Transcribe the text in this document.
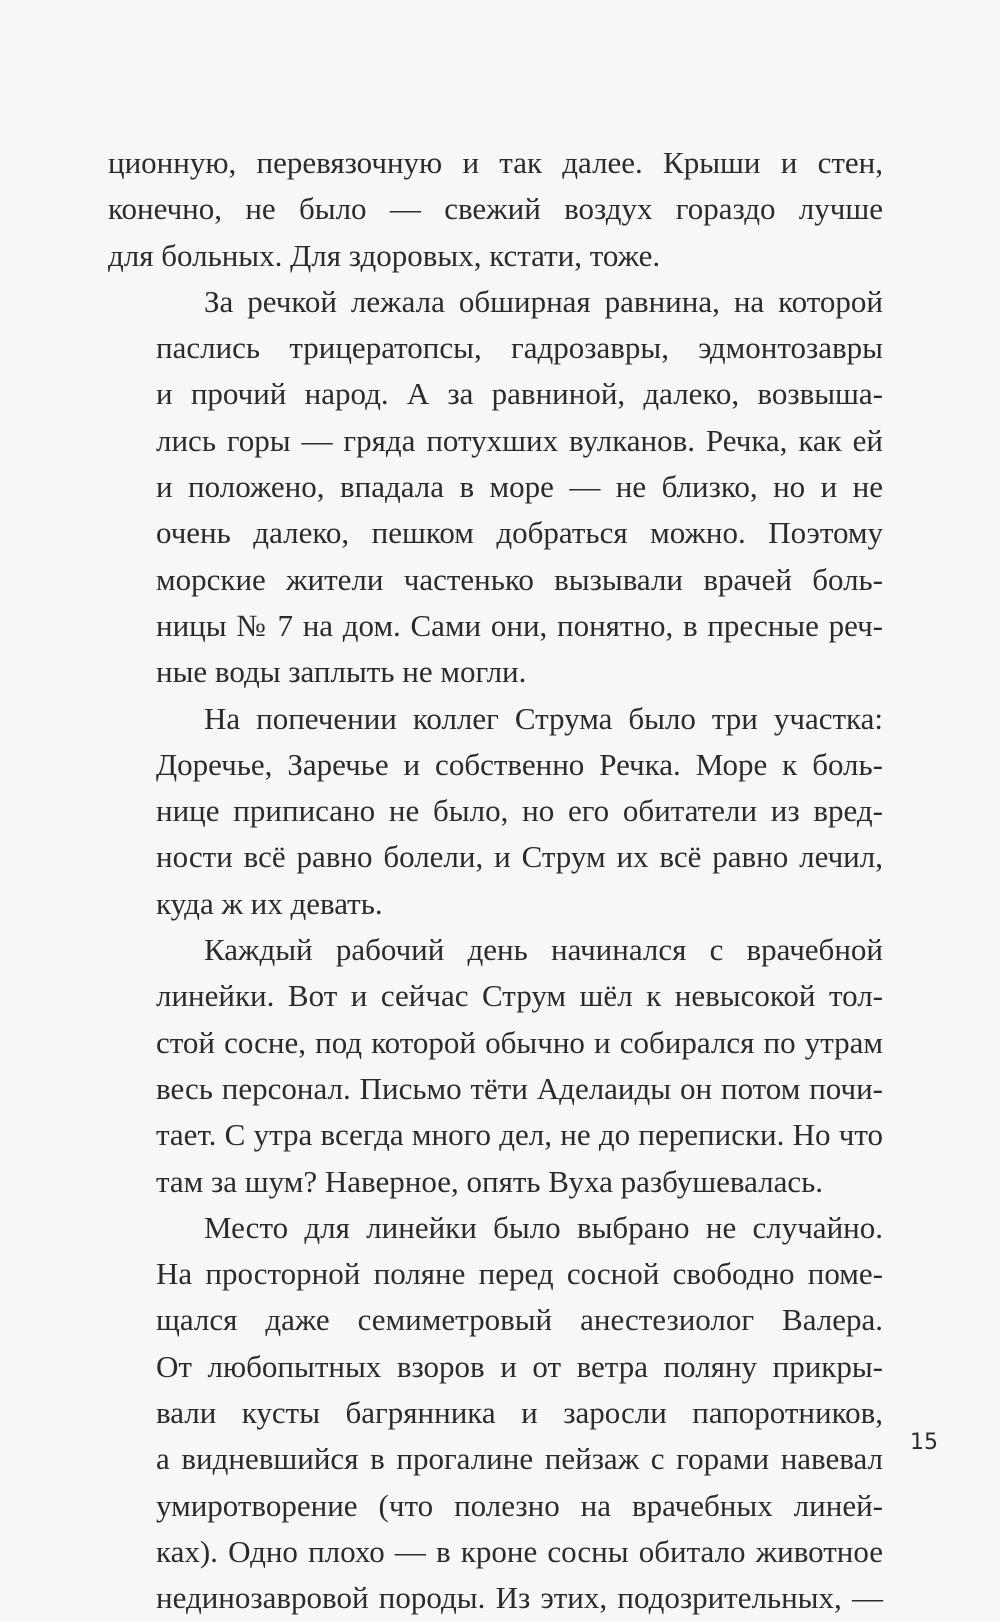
ционную, перевязочную и так далее. Крыши и стен,
конечно, не было — свежий воздух гораздо лучше
для больных. Для здоровых, кстати, тоже.

За речкой лежала обширная равнина, на которой
паслись трицератопсы, гадрозавры, эдмонтозавры
и прочий народ. А за равниной, далеко, возвыша-
лись горы — гряда потухших вулканов. Речка, как ей
и положено, впадала в море — не близко, но и не
очень далеко, пешком добраться можно. Поэтому
морские жители частенько вызывали врачей боль-
ницы № 7 на дом. Сами они, понятно, в пресные реч-
ные воды заплыть не могли.

На попечении коллег Струма было три участка:
Доречье, Заречье и собственно Речка. Море к боль-
нице приписано не было, но его обитатели из вред-
ности всё равно болели, и Струм их всё равно лечил,
куда ж их девать.

Каждый рабочий день начинался с врачебной
линейки. Вот и сейчас Струм шёл к невысокой тол-
стой сосне, под которой обычно и собирался по утрам
весь персонал. Письмо тёти Аделаиды он потом почи-
тает. С утра всегда много дел, не до переписки. Но что
там за шум? Наверное, опять Вуха разбушевалась.

Место для линейки было выбрано не случайно.
На просторной поляне перед сосной свободно поме-
щался даже семиметровый анестезиолог Валера.
От любопытных взоров и от ветра поляну прикры-
вали кусты багрянника и заросли папоротников,
а видневшийся в прогалине пейзаж с горами навевал
умиротворение (что полезно на врачебных линей-
ках). Одно плохо — в кроне сосны обитало животное
нединозавровой породы. Из этих, подозрительных, —

15
